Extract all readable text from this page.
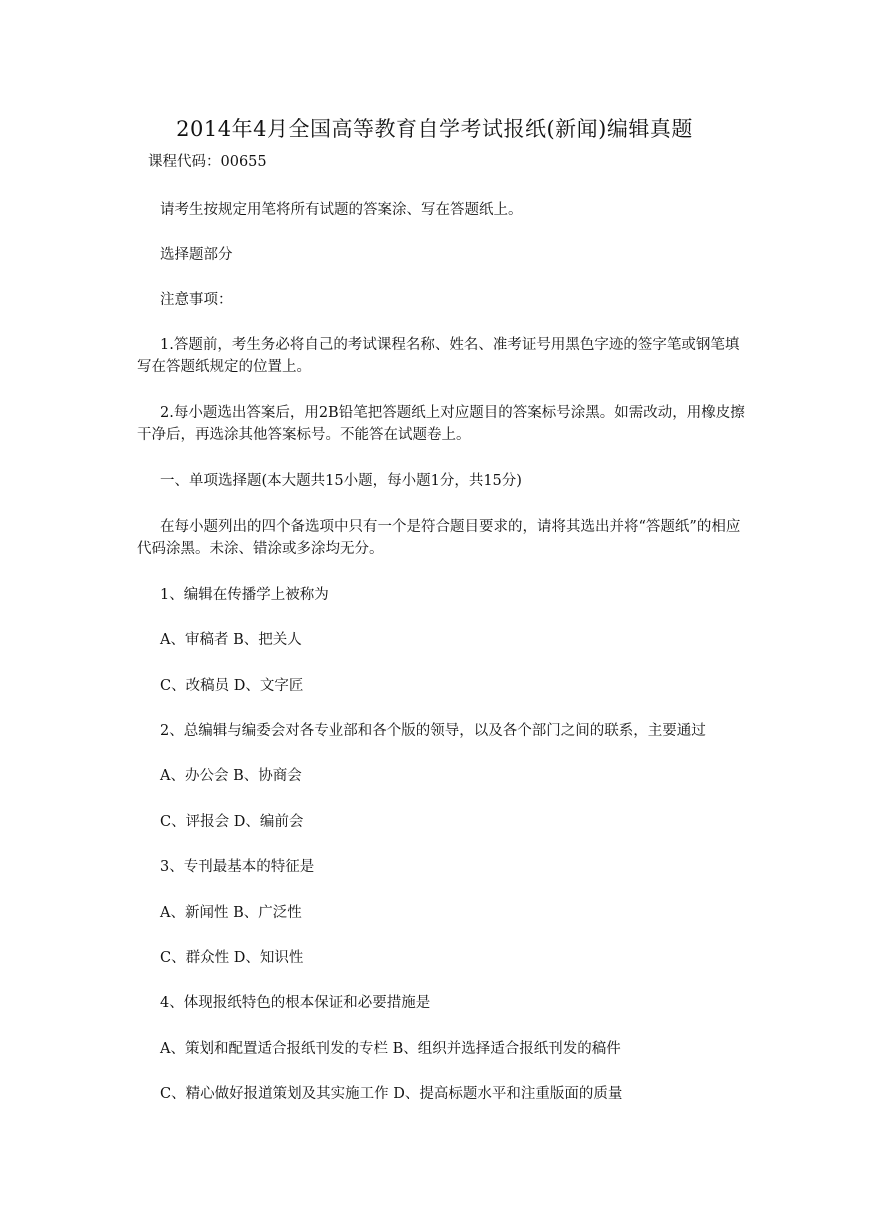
2014年4月全国高等教育自学考试报纸(新闻)编辑真题
课程代码：00655
请考生按规定用笔将所有试题的答案涂、写在答题纸上。
选择题部分
注意事项：
1.答题前，考生务必将自己的考试课程名称、姓名、准考证号用黑色字迹的签字笔或钢笔填写在答题纸规定的位置上。
2.每小题选出答案后，用2B铅笔把答题纸上对应题目的答案标号涂黑。如需改动，用橡皮擦干净后，再选涂其他答案标号。不能答在试题卷上。
一、单项选择题(本大题共15小题，每小题1分，共15分)
在每小题列出的四个备选项中只有一个是符合题目要求的，请将其选出并将“答题纸”的相应代码涂黑。未涂、错涂或多涂均无分。
1、编辑在传播学上被称为
A、审稿者 B、把关人
C、改稿员 D、文字匠
2、总编辑与编委会对各专业部和各个版的领导，以及各个部门之间的联系，主要通过
A、办公会 B、协商会
C、评报会 D、编前会
3、专刊最基本的特征是
A、新闻性 B、广泛性
C、群众性 D、知识性
4、体现报纸特色的根本保证和必要措施是
A、策划和配置适合报纸刊发的专栏 B、组织并选择适合报纸刊发的稿件
C、精心做好报道策划及其实施工作 D、提高标题水平和注重版面的质量
